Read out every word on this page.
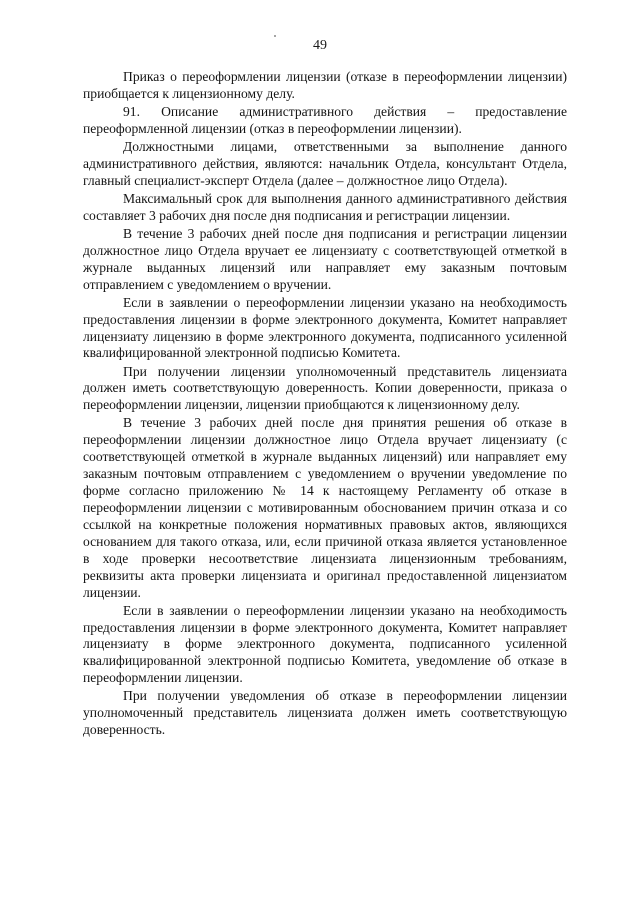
49

Приказ о переоформлении лицензии (отказе в переоформлении лицензии) приобщается к лицензионному делу.

91. Описание административного действия – предоставление переоформленной лицензии (отказ в переоформлении лицензии).

Должностными лицами, ответственными за выполнение данного административного действия, являются: начальник Отдела, консультант Отдела, главный специалист-эксперт Отдела (далее – должностное лицо Отдела).

Максимальный срок для выполнения данного административного действия составляет 3 рабочих дня после дня подписания и регистрации лицензии.

В течение 3 рабочих дней после дня подписания и регистрации лицензии должностное лицо Отдела вручает ее лицензиату с соответствующей отметкой в журнале выданных лицензий или направляет ему заказным почтовым отправлением с уведомлением о вручении.

Если в заявлении о переоформлении лицензии указано на необходимость предоставления лицензии в форме электронного документа, Комитет направляет лицензиату лицензию в форме электронного документа, подписанного усиленной квалифицированной электронной подписью Комитета.

При получении лицензии уполномоченный представитель лицензиата должен иметь соответствующую доверенность. Копии доверенности, приказа о переоформлении лицензии, лицензии приобщаются к лицензионному делу.

В течение 3 рабочих дней после дня принятия решения об отказе в переоформлении лицензии должностное лицо Отдела вручает лицензиату (с соответствующей отметкой в журнале выданных лицензий) или направляет ему заказным почтовым отправлением с уведомлением о вручении уведомление по форме согласно приложению № 14 к настоящему Регламенту об отказе в переоформлении лицензии с мотивированным обоснованием причин отказа и со ссылкой на конкретные положения нормативных правовых актов, являющихся основанием для такого отказа, или, если причиной отказа является установленное в ходе проверки несоответствие лицензиата лицензионным требованиям, реквизиты акта проверки лицензиата и оригинал предоставленной лицензиатом лицензии.

Если в заявлении о переоформлении лицензии указано на необходимость предоставления лицензии в форме электронного документа, Комитет направляет лицензиату в форме электронного документа, подписанного усиленной квалифицированной электронной подписью Комитета, уведомление об отказе в переоформлении лицензии.

При получении уведомления об отказе в переоформлении лицензии уполномоченный представитель лицензиата должен иметь соответствующую доверенность.
